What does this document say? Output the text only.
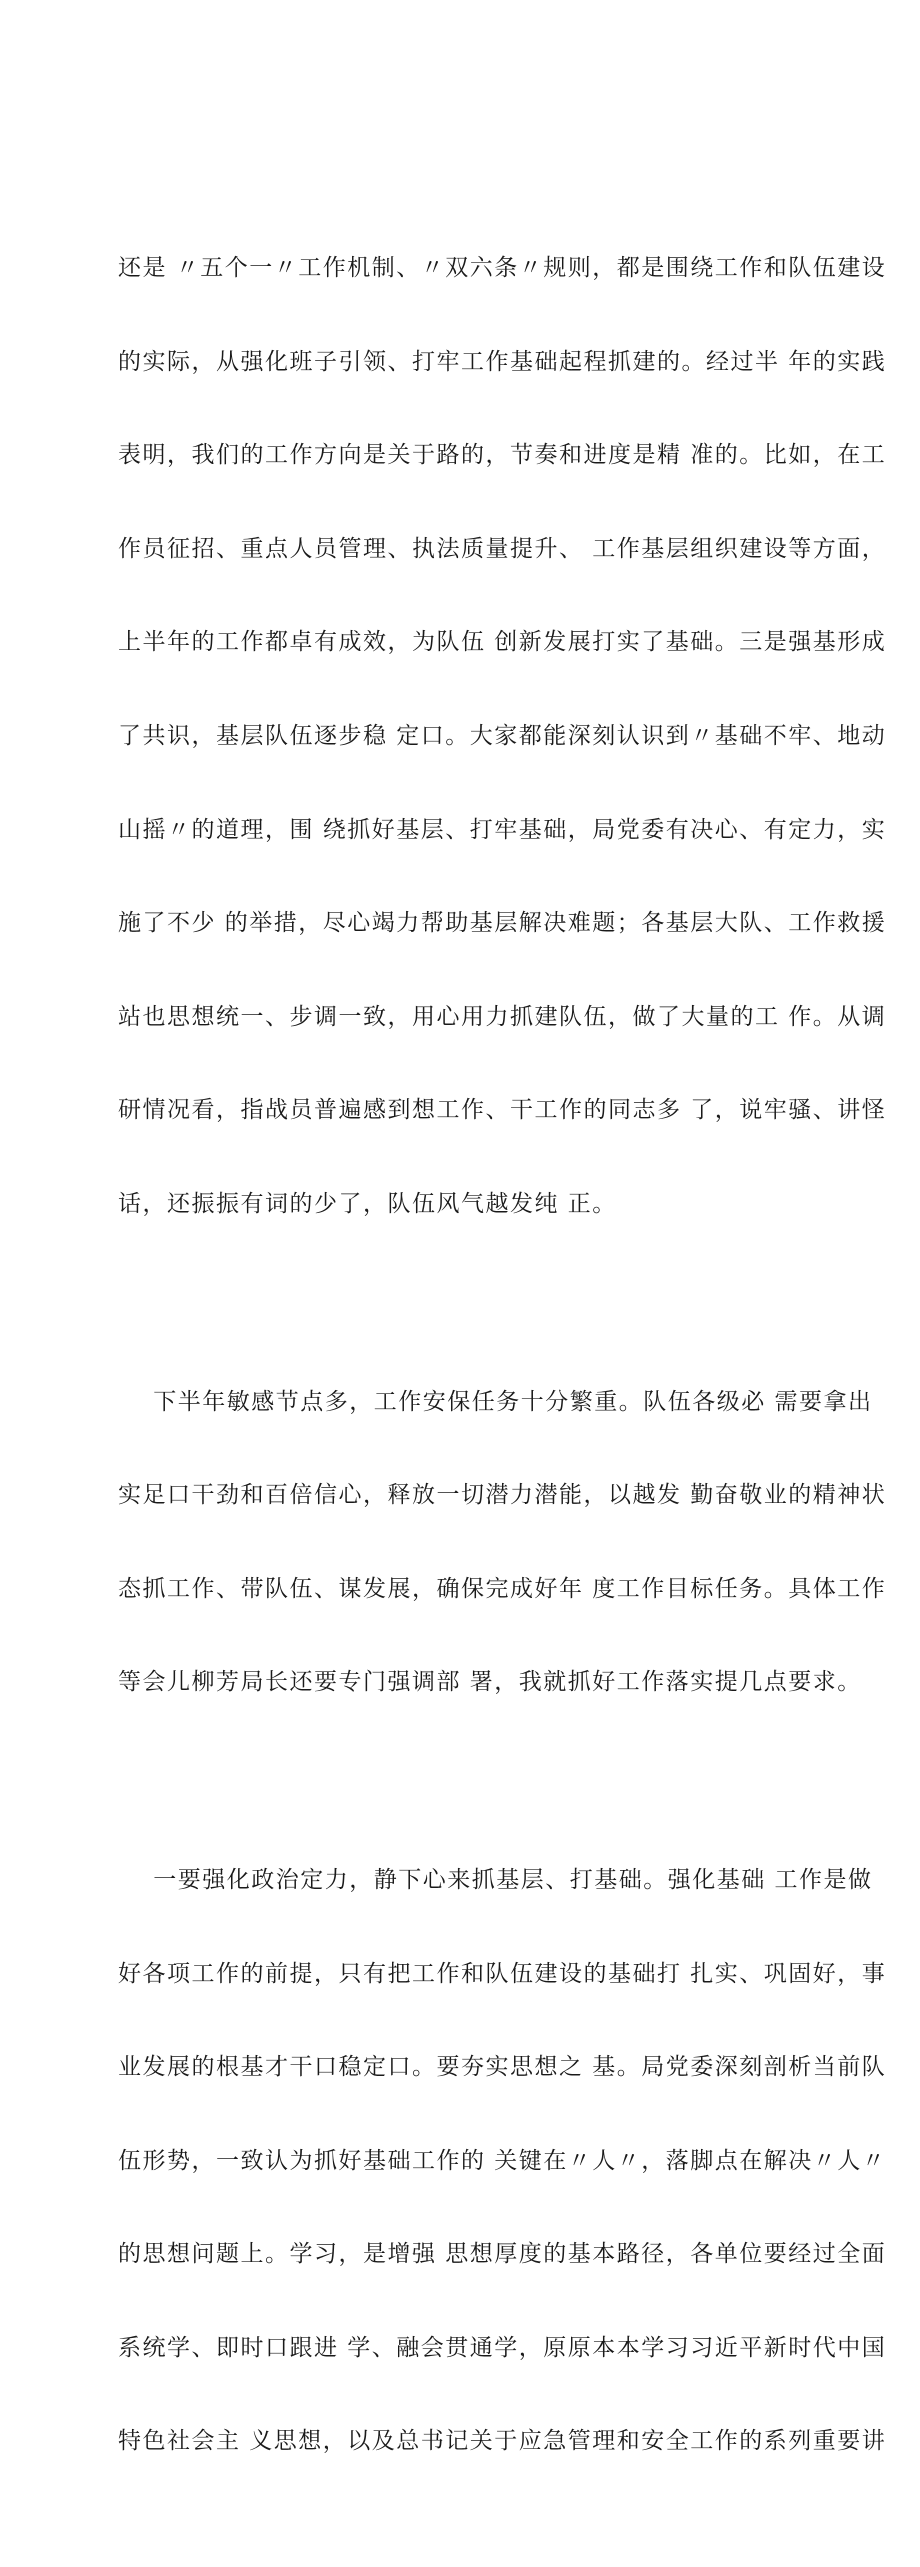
还是 〃五个一〃工作机制、〃双六条〃规则，都是围绕工作和队伍建设

的实际，从强化班子引领、打牢工作基础起程抓建的。经过半 年的实践

表明，我们的工作方向是关于路的，节奏和进度是精 准的。比如，在工

作员征招、重点人员管理、执法质量提升、 工作基层组织建设等方面，

上半年的工作都卓有成效，为队伍 创新发展打实了基础。三是强基形成

了共识，基层队伍逐步稳 定口。大家都能深刻认识到〃基础不牢、地动

山摇〃的道理，围 绕抓好基层、打牢基础，局党委有决心、有定力，实

施了不少 的举措，尽心竭力帮助基层解决难题；各基层大队、工作救援

站也思想统一、步调一致，用心用力抓建队伍，做了大量的工 作。从调

研情况看，指战员普遍感到想工作、干工作的同志多 了，说牢骚、讲怪

话，还振振有词的少了，队伍风气越发纯 正。

下半年敏感节点多，工作安保任务十分繁重。队伍各级必 需要拿出

实足口干劲和百倍信心，释放一切潜力潜能，以越发 勤奋敬业的精神状

态抓工作、带队伍、谋发展，确保完成好年 度工作目标任务。具体工作

等会儿柳芳局长还要专门强调部 署，我就抓好工作落实提几点要求。

一要强化政治定力，静下心来抓基层、打基础。强化基础 工作是做

好各项工作的前提，只有把工作和队伍建设的基础打 扎实、巩固好，事

业发展的根基才干口稳定口。要夯实思想之 基。局党委深刻剖析当前队

伍形势，一致认为抓好基础工作的 关键在〃人〃，落脚点在解决〃人〃

的思想问题上。学习，是增强 思想厚度的基本路径，各单位要经过全面

系统学、即时口跟进 学、融会贯通学，原原本本学习习近平新时代中国

特色社会主 义思想，以及总书记关于应急管理和安全工作的系列重要讲
